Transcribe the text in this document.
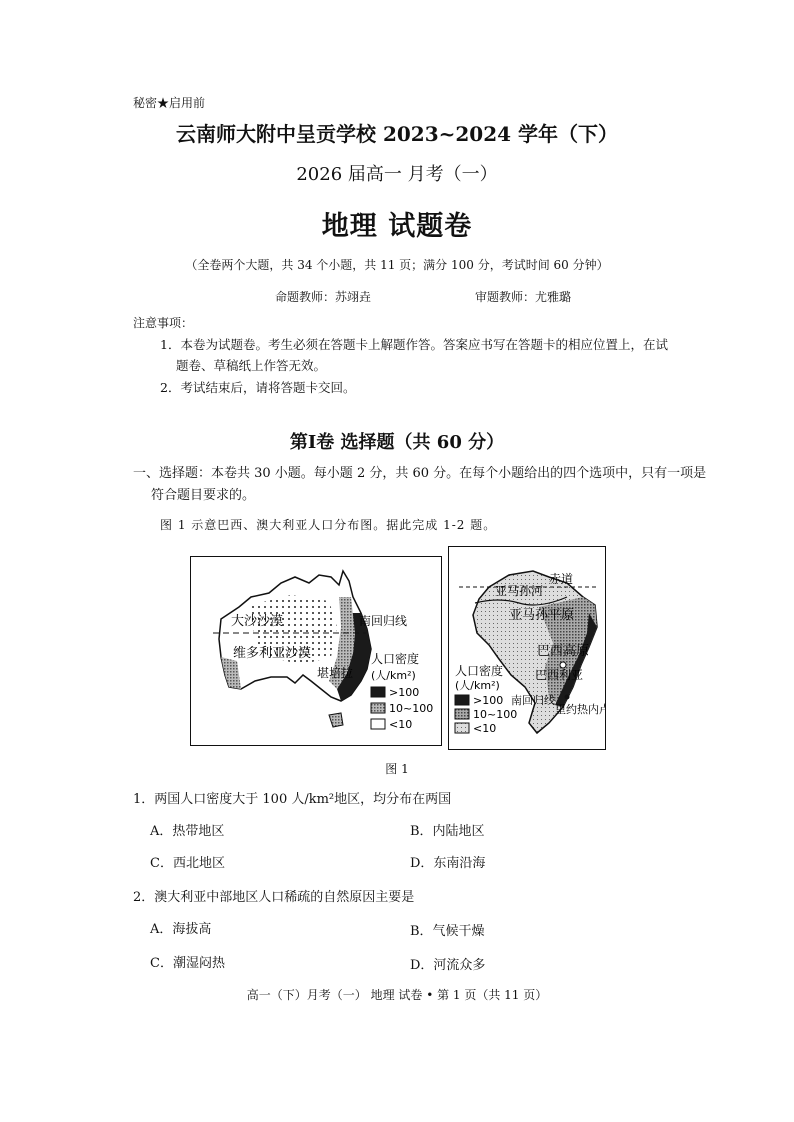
秘密★启用前
云南师大附中呈贡学校 2023~2024 学年（下）
2026 届高一 月考（一）
地理 试题卷
（全卷两个大题，共 34 个小题，共 11 页；满分 100 分，考试时间 60 分钟）
命题教师：苏翊垚	审题教师：尤雅璐
注意事项：
1．本卷为试题卷。考生必须在答题卡上解题作答。答案应书写在答题卡的相应位置上，在试
题卷、草稿纸上作答无效。
2．考试结束后，请将答题卡交回。
第Ⅰ卷 选择题（共 60 分）
一、选择题：本卷共 30 小题。每小题 2 分，共 60 分。在每个小题给出的四个选项中，只有一项是
符合题目要求的。
图 1 示意巴西、澳大利亚人口分布图。据此完成 1-2 题。
大沙沙漠	南回归线
维多利亚沙漠	人口密度
(人/km²)
堪培拉
>100
10~100
<10
赤道
亚马孙河
亚马孙平原
巴西高原
巴西利亚
人口密度
(人/km²)
>100 南回归线
10~100
<10
里约热内卢
图 1
1．两国人口密度大于 100 人/km²地区，均分布在两国
A．热带地区	B．内陆地区
C．西北地区	D．东南沿海
2．澳大利亚中部地区人口稀疏的自然原因主要是
A．海拔高	B．气候干燥
C．潮湿闷热	D．河流众多
高一（下）月考（一） 地理 试卷 • 第 1 页（共 11 页）
